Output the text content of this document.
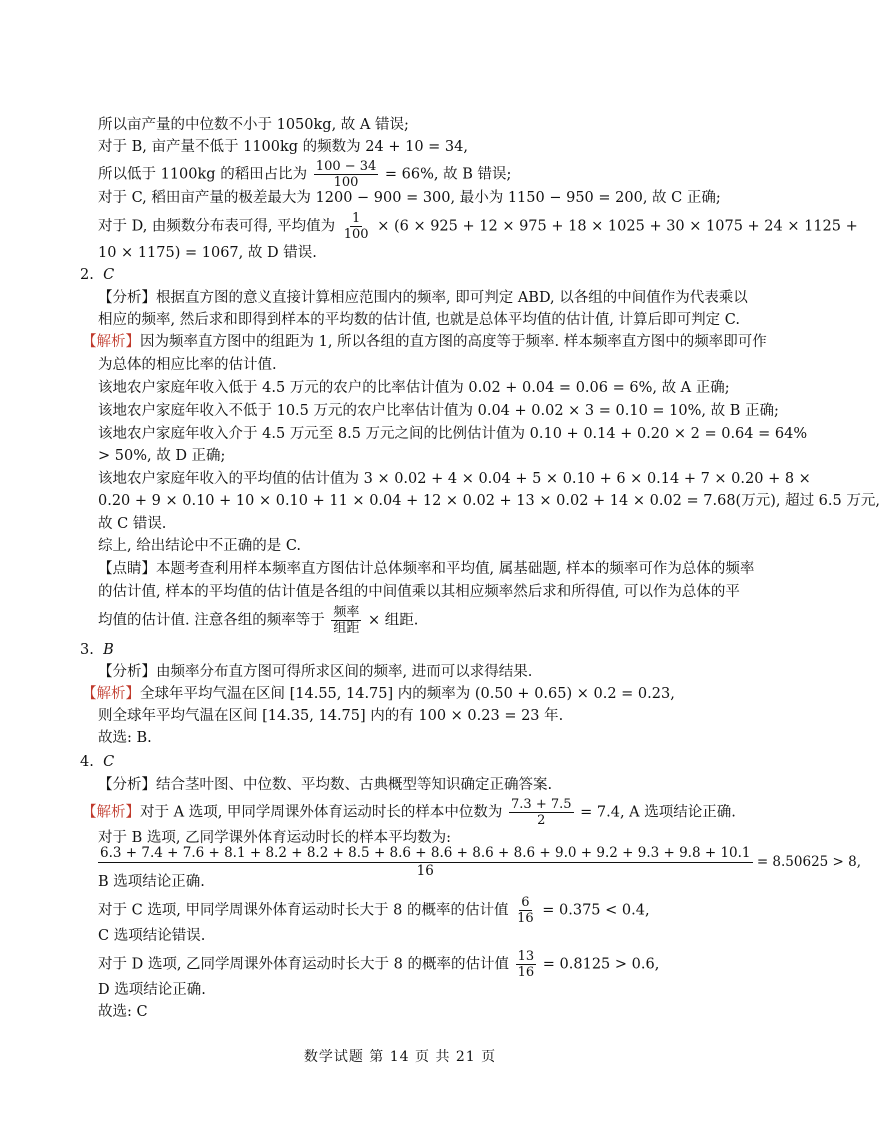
所以亩产量的中位数不小于 1050kg, 故 A 错误;
对于 B, 亩产量不低于 1100kg 的频数为 24 + 10 = 34,
所以低于 1100kg 的稻田占比为 $\frac{100 - 34}{100} = 66\%$, 故 B 错误;
对于 C, 稻田亩产量的极差最大为 1200 − 900 = 300, 最小为 1150 − 950 = 200, 故 C 正确;
对于 D, 由频数分布表可得, 平均值为 $\frac{1}{100} \times (6 \times 925 + 12 \times 975 + 18 \times 1025 + 30 \times 1075 + 24 \times 1125$ +
10 × 1175) = 1067, 故 D 错误.
2. C
【分析】根据直方图的意义直接计算相应范围内的频率, 即可判定 ABD, 以各组的中间值作为代表乘以
相应的频率, 然后求和即得到样本的平均数的估计值, 也就是总体平均值的估计值, 计算后即可判定 C.
【解析】因为频率直方图中的组距为 1, 所以各组的直方图的高度等于频率. 样本频率直方图中的频率即可作
为总体的相应比率的估计值.
该地农户家庭年收入低于 4.5 万元的农户的比率估计值为 0.02 + 0.04 = 0.06 = 6%, 故 A 正确;
该地农户家庭年收入不低于 10.5 万元的农户比率估计值为 0.04 + 0.02 × 3 = 0.10 = 10%, 故 B 正确;
该地农户家庭年收入介于 4.5 万元至 8.5 万元之间的比例估计值为 0.10 + 0.14 + 0.20 × 2 = 0.64 = 64%
> 50%, 故 D 正确;
该地农户家庭年收入的平均值的估计值为 3 × 0.02 + 4 × 0.04 + 5 × 0.10 + 6 × 0.14 + 7 × 0.20 + 8 ×
0.20 + 9 × 0.10 + 10 × 0.10 + 11 × 0.04 + 12 × 0.02 + 13 × 0.02 + 14 × 0.02 = 7.68(万元), 超过 6.5 万元,
故 C 错误.
综上, 给出结论中不正确的是 C.
【点睛】本题考查利用样本频率直方图估计总体频率和平均值, 属基础题, 样本的频率可作为总体的频率
的估计值, 样本的平均值的估计值是各组的中间值乘以其相应频率然后求和所得值, 可以作为总体的平
均值的估计值. 注意各组的频率等于 $\frac{\text{频率}}{\text{组距}}$ × 组距.
3. B
【分析】由频率分布直方图可得所求区间的频率, 进而可以求得结果.
【解析】全球年平均气温在区间 [14.55, 14.75] 内的频率为 (0.50 + 0.65) × 0.2 = 0.23,
则全球年平均气温在区间 [14.35, 14.75] 内的有 100 × 0.23 = 23 年.
故选: B.
4. C
【分析】结合茎叶图、中位数、平均数、古典概型等知识确定正确答案.
【解析】对于 A 选项, 甲同学周课外体育运动时长的样本中位数为 $\frac{7.3 + 7.5}{2} = 7.4$, A 选项结论正确.
对于 B 选项, 乙同学课外体育运动时长的样本平均数为:
6.3 + 7.4 + 7.6 + 8.1 + 8.2 + 8.2 + 8.5 + 8.6 + 8.6 + 8.6 + 8.6 + 9.0 + 9.2 + 9.3 + 9.8 + 10.1
16
= 8.50625 > 8,
B 选项结论正确.
对于 C 选项, 甲同学周课外体育运动时长大于 8 的概率的估计值 $\frac{6}{16} = 0.375 < 0.4$,
C 选项结论错误.
对于 D 选项, 乙同学周课外体育运动时长大于 8 的概率的估计值 $\frac{13}{16} = 0.8125 > 0.6$,
D 选项结论正确.
故选: C
数学试题 第 14 页 共 21 页
